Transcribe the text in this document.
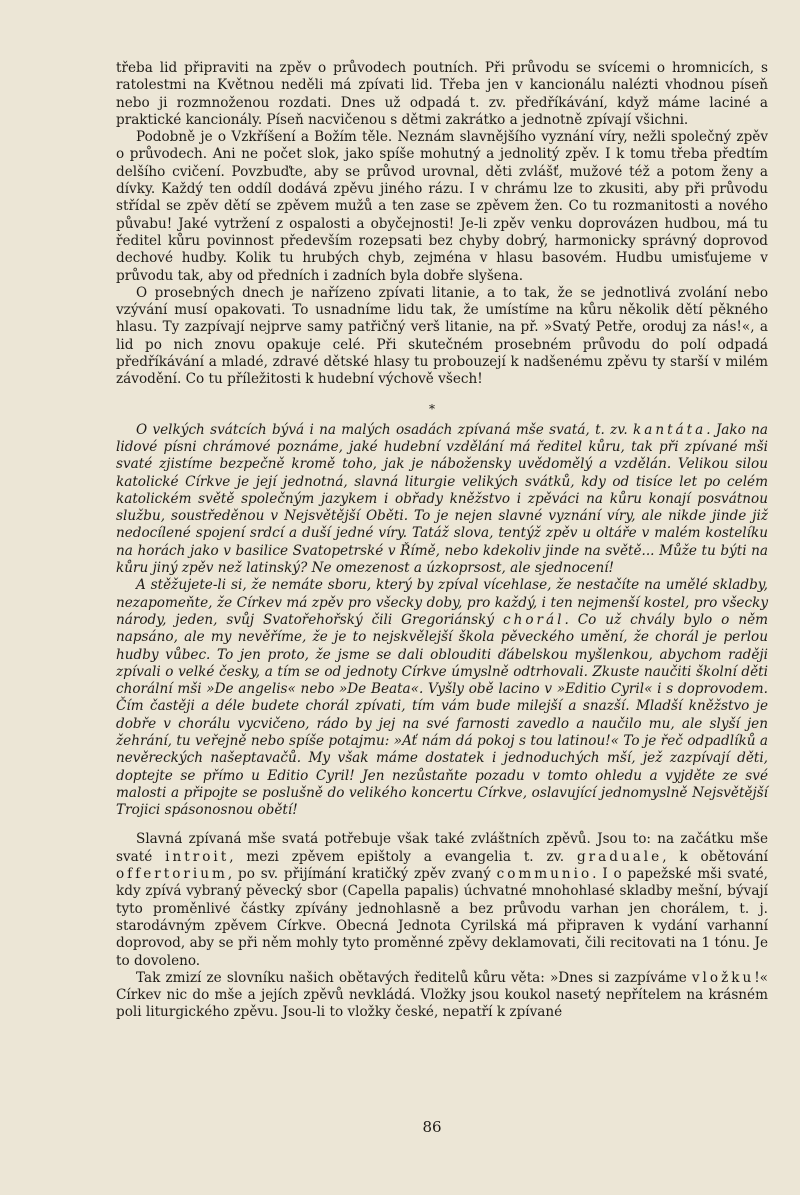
třeba lid připraviti na zpěv o průvodech poutních. Při průvodu se svícemi o hromnicích, s ratolestmi na Květnou neděli má zpívati lid. Třeba jen v kancionálu nalézti vhodnou píseň nebo ji rozmnoženou rozdati. Dnes už odpadá t. zv. předříkávání, když máme laciné a praktické kancionály. Píseň nacvičenou s dětmi zakrátko a jednotně zpívají všichni.

Podobně je o Vzkříšení a Božím těle. Neznám slavnějšího vyznání víry, nežli společný zpěv o průvodech. Ani ne počet slok, jako spíše mohutný a jednolitý zpěv. I k tomu třeba předtím delšího cvičení. Povzbuďte, aby se průvod urovnal, děti zvlášť, mužové též a potom ženy a dívky. Každý ten oddíl dodává zpěvu jiného rázu. I v chrámu lze to zkusiti, aby při průvodu střídal se zpěv dětí se zpěvem mužů a ten zase se zpěvem žen. Co tu rozmanitosti a nového půvabu! Jaké vytržení z ospalosti a obyčejnosti! Je-li zpěv venku doprovázen hudbou, má tu ředitel kůru povinnost především rozepsati bez chyby dobrý, harmonicky správný doprovod dechové hudby. Kolik tu hrubých chyb, zejména v hlasu basovém. Hudbu umisťujeme v průvodu tak, aby od předních i zadních byla dobře slyšena.

O prosebných dnech je nařízeno zpívati litanie, a to tak, že se jednotlivá zvolání nebo vzývání musí opakovati. To usnadníme lidu tak, že umístíme na kůru několik dětí pěkného hlasu. Ty zazpívají nejprve samy patřičný verš litanie, na př. »Svatý Petře, oroduj za nás!«, a lid po nich znovu opakuje celé. Při skutečném prosebném průvodu do polí odpadá předříkávání a mladé, zdravé dětské hlasy tu probouzejí k nadšenému zpěvu ty starší v milém závodění. Co tu příležitosti k hudební výchově všech!

*

O velkých svátcích bývá i na malých osadách zpívaná mše svatá, t. zv. kantáta. Jako na lidové písni chrámové poznáme, jaké hudební vzdělání má ředitel kůru, tak při zpívané mši svaté zjistíme bezpečně kromě toho, jak je nábožensky uvědomělý a vzdělán. Velikou silou katolické Církve je její jednotná, slavná liturgie velikých svátků, kdy od tisíce let po celém katolickém světě společným jazykem i obřady kněžstvo i zpěváci na kůru konají posvátnou službu, soustředěnou v Nejsvětější Oběti. To je nejen slavné vyznání víry, ale nikde jinde již nedocílené spojení srdcí a duší jedné víry. Tatáž slova, tentýž zpěv u oltáře v malém kostelíku na horách jako v basilice Svatopetrské v Římě, nebo kdekoliv jinde na světě... Může tu býti na kůru jiný zpěv než latinský? Ne omezenost a úzkoprsost, ale sjednocení!

A stěžujete-li si, že nemáte sboru, který by zpíval vícehlase, že nestačíte na umělé skladby, nezapomeňte, že Církev má zpěv pro všecky doby, pro každý, i ten nejmenší kostel, pro všecky národy, jeden, svůj Svatořehořský čili Gregoriánský chorál. Co už chvály bylo o něm napsáno, ale my nevěříme, že je to nejskvělejší škola pěveckého umění, že chorál je perlou hudby vůbec. To jen proto, že jsme se dali oblouditi ďábelskou myšlenkou, abychom raději zpívali o velké česky, a tím se od jednoty Církve úmyslně odtrhovali. Zkuste naučiti školní děti chorální mši »De angelis« nebo »De Beata«. Vyšly obě lacino v »Editio Cyril« i s doprovodem. Čím častěji a déle budete chorál zpívati, tím vám bude milejší a snazší. Mladší kněžstvo je dobře v chorálu vycvičeno, rádo by jej na své farnosti zavedlo a naučilo mu, ale slyší jen žehrání, tu veřejně nebo spíše potajmu: »Ať nám dá pokoj s tou latinou!« To je řeč odpadlíků a nevěreckých našeptavačů. My však máme dostatek i jednoduchých mší, jež zazpívají děti, doptejte se přímo u Editio Cyril! Jen nezůstaňte pozadu v tomto ohledu a vyjděte ze své malosti a připojte se poslušně do velikého koncertu Církve, oslavující jednomyslně Nejsvětější Trojici spásonosnou obětí!

Slavná zpívaná mše svatá potřebuje však také zvláštních zpěvů. Jsou to: na začátku mše svaté introit, mezi zpěvem epištoly a evangelia t. zv. graduale, k obětování offertorium, po sv. přijímání kratičký zpěv zvaný communio. I o papežské mši svaté, kdy zpívá vybraný pěvecký sbor (Capella papalis) úchvatné mnohohlasé skladby mešní, bývají tyto proměnlivé částky zpívány jednohlasně a bez průvodu varhan jen chorálem, t. j. starodávným zpěvem Církve. Obecná Jednota Cyrilská má připraven k vydání varhanní doprovod, aby se při něm mohly tyto proměnné zpěvy deklamovati, čili recitovati na 1 tónu. Je to dovoleno.

Tak zmizí ze slovníku našich obětavých ředitelů kůru věta: »Dnes si zazpíváme vložku!« Církev nic do mše a jejích zpěvů nevkládá. Vložky jsou koukol nasetý nepřítelem na krásném poli liturgického zpěvu. Jsou-li to vložky české, nepatří k zpívané

86
